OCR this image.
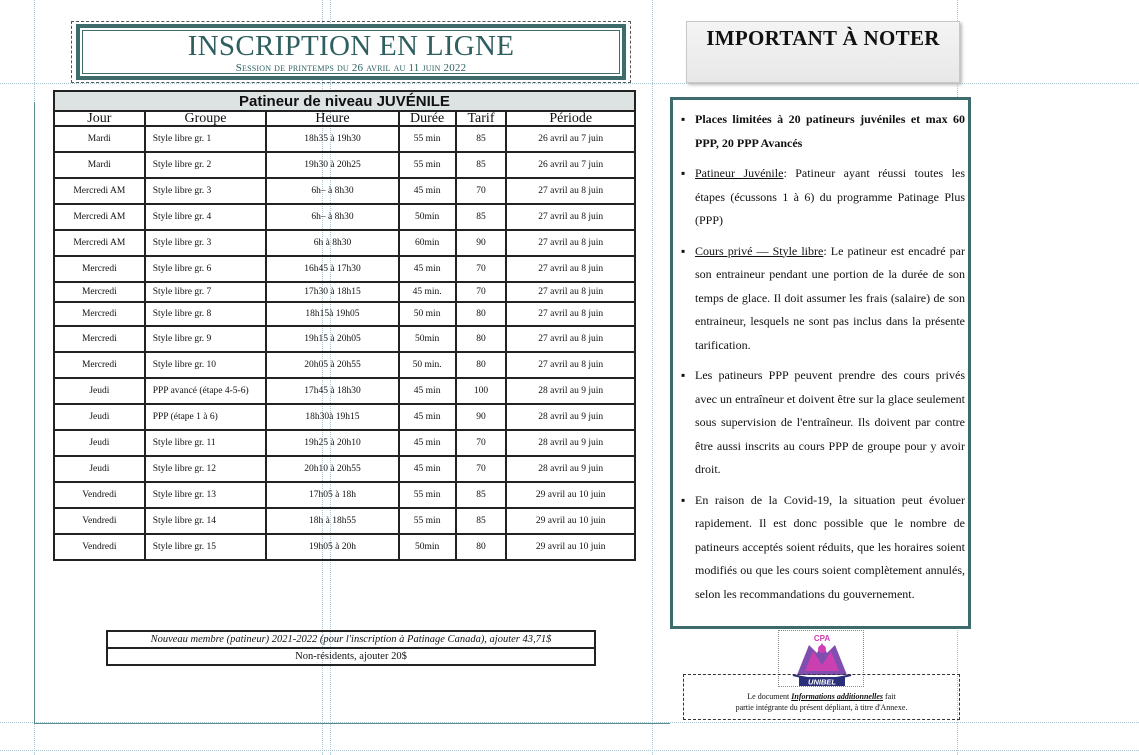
INSCRIPTION EN LIGNE
Session de printemps du 26 avril au 11 juin 2022
IMPORTANT À NOTER
Patineur de niveau JUVÉNILE					
Jour	Groupe	Heure	Durée	Tarif	Période
Mardi	Style libre gr. 1	18h35 à 19h30	55 min	85	26 avril au 7 juin
Mardi	Style libre gr. 2	19h30 à 20h25	55 min	85	26 avril au 7 juin
Mercredi AM	Style libre gr. 3	6h– à 8h30	45 min	70	27 avril au 8 juin
Mercredi AM	Style libre gr. 4	6h– à 8h30	50min	85	27 avril au 8 juin
Mercredi AM	Style libre gr. 3	6h à 8h30	60min	90	27 avril au 8 juin
Mercredi	Style libre gr. 6	16h45 à 17h30	45 min	70	27 avril au 8 juin
Mercredi	Style libre gr. 7	17h30 à 18h15	45 min.	70	27 avril au 8 juin
Mercredi	Style libre gr. 8	18h15à 19h05	50 min	80	27 avril au 8 juin
Mercredi	Style libre gr. 9	19h15 à 20h05	50min	80	27 avril au 8 juin
Mercredi	Style libre gr. 10	20h05 à 20h55	50 min.	80	27 avril au 8 juin
Jeudi	PPP avancé (étape 4-5-6)	17h45 à 18h30	45 min	100	28 avril au 9 juin
Jeudi	PPP (étape 1 à 6)	18h30à 19h15	45 min	90	28 avril au 9 juin
Jeudi	Style libre gr. 11	19h25 à 20h10	45 min	70	28 avril au 9 juin
Jeudi	Style libre gr. 12	20h10 à 20h55	45 min	70	28 avril au 9 juin
Vendredi	Style libre gr. 13	17h05 à 18h	55 min	85	29 avril au 10 juin
Vendredi	Style libre gr. 14	18h à 18h55	55 min	85	29 avril au 10 juin
Vendredi	Style libre gr. 15	19h05 à 20h	50min	80	29 avril au 10 juin
Nouveau membre (patineur) 2021-2022 (pour l'inscription à Patinage Canada), ajouter 43,71$
Non-résidents, ajouter 20$
▪ Places limitées à 20 patineurs juvéniles et max 60 PPP, 20 PPP Avancés
▪ Patineur Juvénile: Patineur ayant réussi toutes les étapes (écussons 1 à 6) du programme Patinage Plus (PPP)
▪ Cours privé — Style libre: Le patineur est encadré par son entraineur pendant une portion de la durée de son temps de glace. Il doit assumer les frais (salaire) de son entraineur, lesquels ne sont pas inclus dans la présente tarification.
▪ Les patineurs PPP peuvent prendre des cours privés avec un entraîneur et doivent être sur la glace seulement sous supervision de l'entraîneur. Ils doivent par contre être aussi inscrits au cours PPP de groupe pour y avoir droit.
▪ En raison de la Covid-19, la situation peut évoluer rapidement. Il est donc possible que le nombre de patineurs acceptés soient réduits, que les horaires soient modifiés ou que les cours soient complètement annulés, selon les recommandations du gouvernement.
CPA
UNIBEL
Le document Informations additionnelles fait
partie intégrante du présent dépliant, à titre d'Annexe.
